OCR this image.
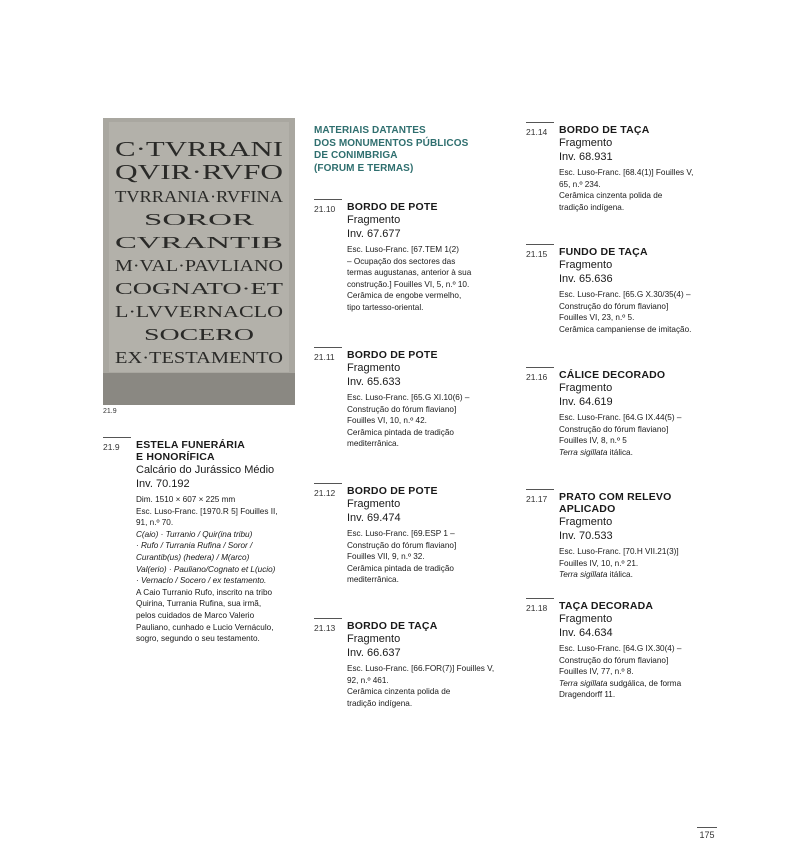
C·TVRRANI
QVIR·RVFO
TVRRANIA·RVFINA
SOROR
CVRANTIB
M·VAL·PAVLIANO
COGNATO·ET
L·LVVERNACLO
SOCERO
EX·TESTAMENTO
21.9
MATERIAIS DATANTES
DOS MONUMENTOS PÚBLICOS
DE CONIMBRIGA
(FORUM E TERMAS)
21.9	ESTELA FUNERÁRIA
E HONORÍFICA
Calcário do Jurássico Médio
Inv. 70.192
Dim. 1510 × 607 × 225 mm
Esc. Luso-Franc. [1970.R 5] Fouilles II,
91, n.º 70.
C(aio) · Turranio / Quir(ina tribu)
· Rufo / Turrania Rufina / Soror /
Curantib(us) (hedera) / M(arco)
Val(erio) · Pauliano/Cognato et L(ucio)
· Vernaclo / Socero / ex testamento.
A Caio Turranio Rufo, inscrito na tribo
Quirina, Turrania Rufina, sua irmã,
pelos cuidados de Marco Valerio
Pauliano, cunhado e Lucio Vernáculo,
sogro, segundo o seu testamento.
21.10	BORDO DE POTE
Fragmento
Inv. 67.677
Esc. Luso-Franc. [67.TEM 1(2)
– Ocupação dos sectores das
termas augustanas, anterior à sua
construção.] Fouilles VI, 5, n.º 10.
Cerâmica de engobe vermelho,
tipo tartesso-oriental.
21.11	BORDO DE POTE
Fragmento
Inv. 65.633
Esc. Luso-Franc. [65.G XI.10(6) –
Construção do fórum flaviano]
Fouilles VI, 10, n.º 42.
Cerâmica pintada de tradição
mediterrânica.
21.12	BORDO DE POTE
Fragmento
Inv. 69.474
Esc. Luso-Franc. [69.ESP 1 –
Construção do fórum flaviano]
Fouilles VII, 9, n.º 32.
Cerâmica pintada de tradição
mediterrânica.
21.13	BORDO DE TAÇA
Fragmento
Inv. 66.637
Esc. Luso-Franc. [66.FOR(7)] Fouilles V,
92, n.º 461.
Cerâmica cinzenta polida de
tradição indígena.
21.14	BORDO DE TAÇA
Fragmento
Inv. 68.931
Esc. Luso-Franc. [68.4(1)] Fouilles V,
65, n.º 234.
Cerâmica cinzenta polida de
tradição indígena.
21.15	FUNDO DE TAÇA
Fragmento
Inv. 65.636
Esc. Luso-Franc. [65.G X.30/35(4) –
Construção do fórum flaviano]
Fouilles VI, 23, n.º 5.
Cerâmica campaniense de imitação.
21.16	CÁLICE DECORADO
Fragmento
Inv. 64.619
Esc. Luso-Franc. [64.G IX.44(5) –
Construção do fórum flaviano]
Fouilles IV, 8, n.º 5
Terra sigillata itálica.
21.17	PRATO COM RELEVO APLICADO
Fragmento
Inv. 70.533
Esc. Luso-Franc. [70.H VII.21(3)]
Fouilles IV, 10, n.º 21.
Terra sigillata itálica.
21.18	TAÇA DECORADA
Fragmento
Inv. 64.634
Esc. Luso-Franc. [64.G IX.30(4) –
Construção do fórum flaviano]
Fouilles IV, 77, n.º 8.
Terra sigillata sudgálica, de forma
Dragendorff 11.
175
